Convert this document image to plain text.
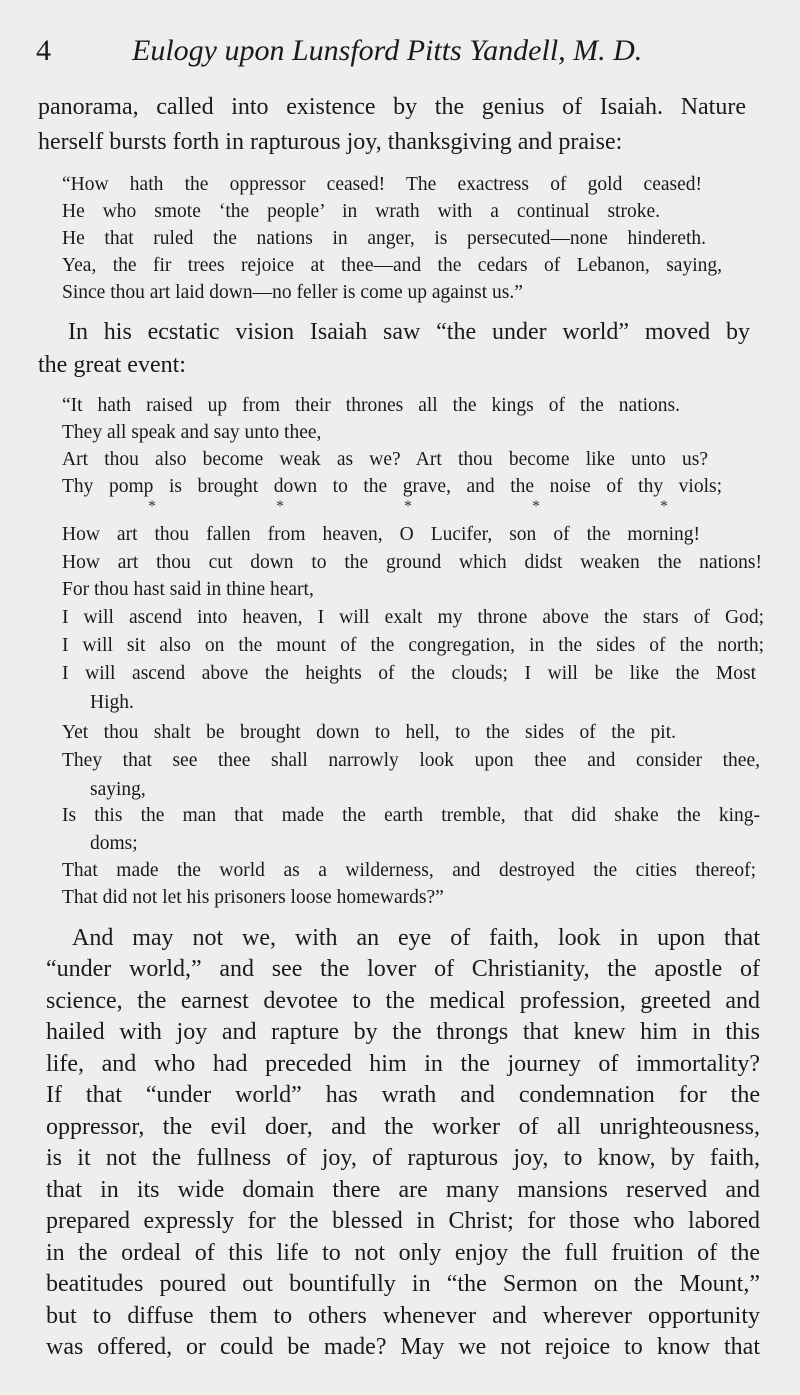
4	Eulogy upon Lunsford Pitts Yandell, M. D.

panorama, called into existence by the genius of Isaiah. Nature

herself bursts forth in rapturous joy, thanksgiving and praise:

“How hath the oppressor ceased! The exactress of gold ceased!

He who smote ‘the people’ in wrath with a continual stroke.

He that ruled the nations in anger, is persecuted—none hindereth.

Yea, the fir trees rejoice at thee—and the cedars of Lebanon, saying,

Since thou art laid down—no feller is come up against us.”

In his ecstatic vision Isaiah saw “the under world” moved by

the great event:

“It hath raised up from their thrones all the kings of the nations.

They all speak and say unto thee,

Art thou also become weak as we? Art thou become like unto us?

Thy pomp is brought down to the grave, and the noise of thy viols;

*	*	*	*	*

How art thou fallen from heaven, O Lucifer, son of the morning!

How art thou cut down to the ground which didst weaken the nations!

For thou hast said in thine heart,

I will ascend into heaven, I will exalt my throne above the stars of God;

I will sit also on the mount of the congregation, in the sides of the north;

I will ascend above the heights of the clouds; I will be like the Most

High.

Yet thou shalt be brought down to hell, to the sides of the pit.

They that see thee shall narrowly look upon thee and consider thee,

saying,

Is this the man that made the earth tremble, that did shake the king-

doms;

That made the world as a wilderness, and destroyed the cities thereof;

That did not let his prisoners loose homewards?”

And may not we, with an eye of faith, look in upon that

“under world,” and see the lover of Christianity, the apostle of

science, the earnest devotee to the medical profession, greeted and

hailed with joy and rapture by the throngs that knew him in this

life, and who had preceded him in the journey of immortality?

If that “under world” has wrath and condemnation for the

oppressor, the evil doer, and the worker of all unrighteousness,

is it not the fullness of joy, of rapturous joy, to know, by faith,

that in its wide domain there are many mansions reserved and

prepared expressly for the blessed in Christ; for those who labored

in the ordeal of this life to not only enjoy the full fruition of the

beatitudes poured out bountifully in “the Sermon on the Mount,”

but to diffuse them to others whenever and wherever opportunity

was offered, or could be made? May we not rejoice to know that
